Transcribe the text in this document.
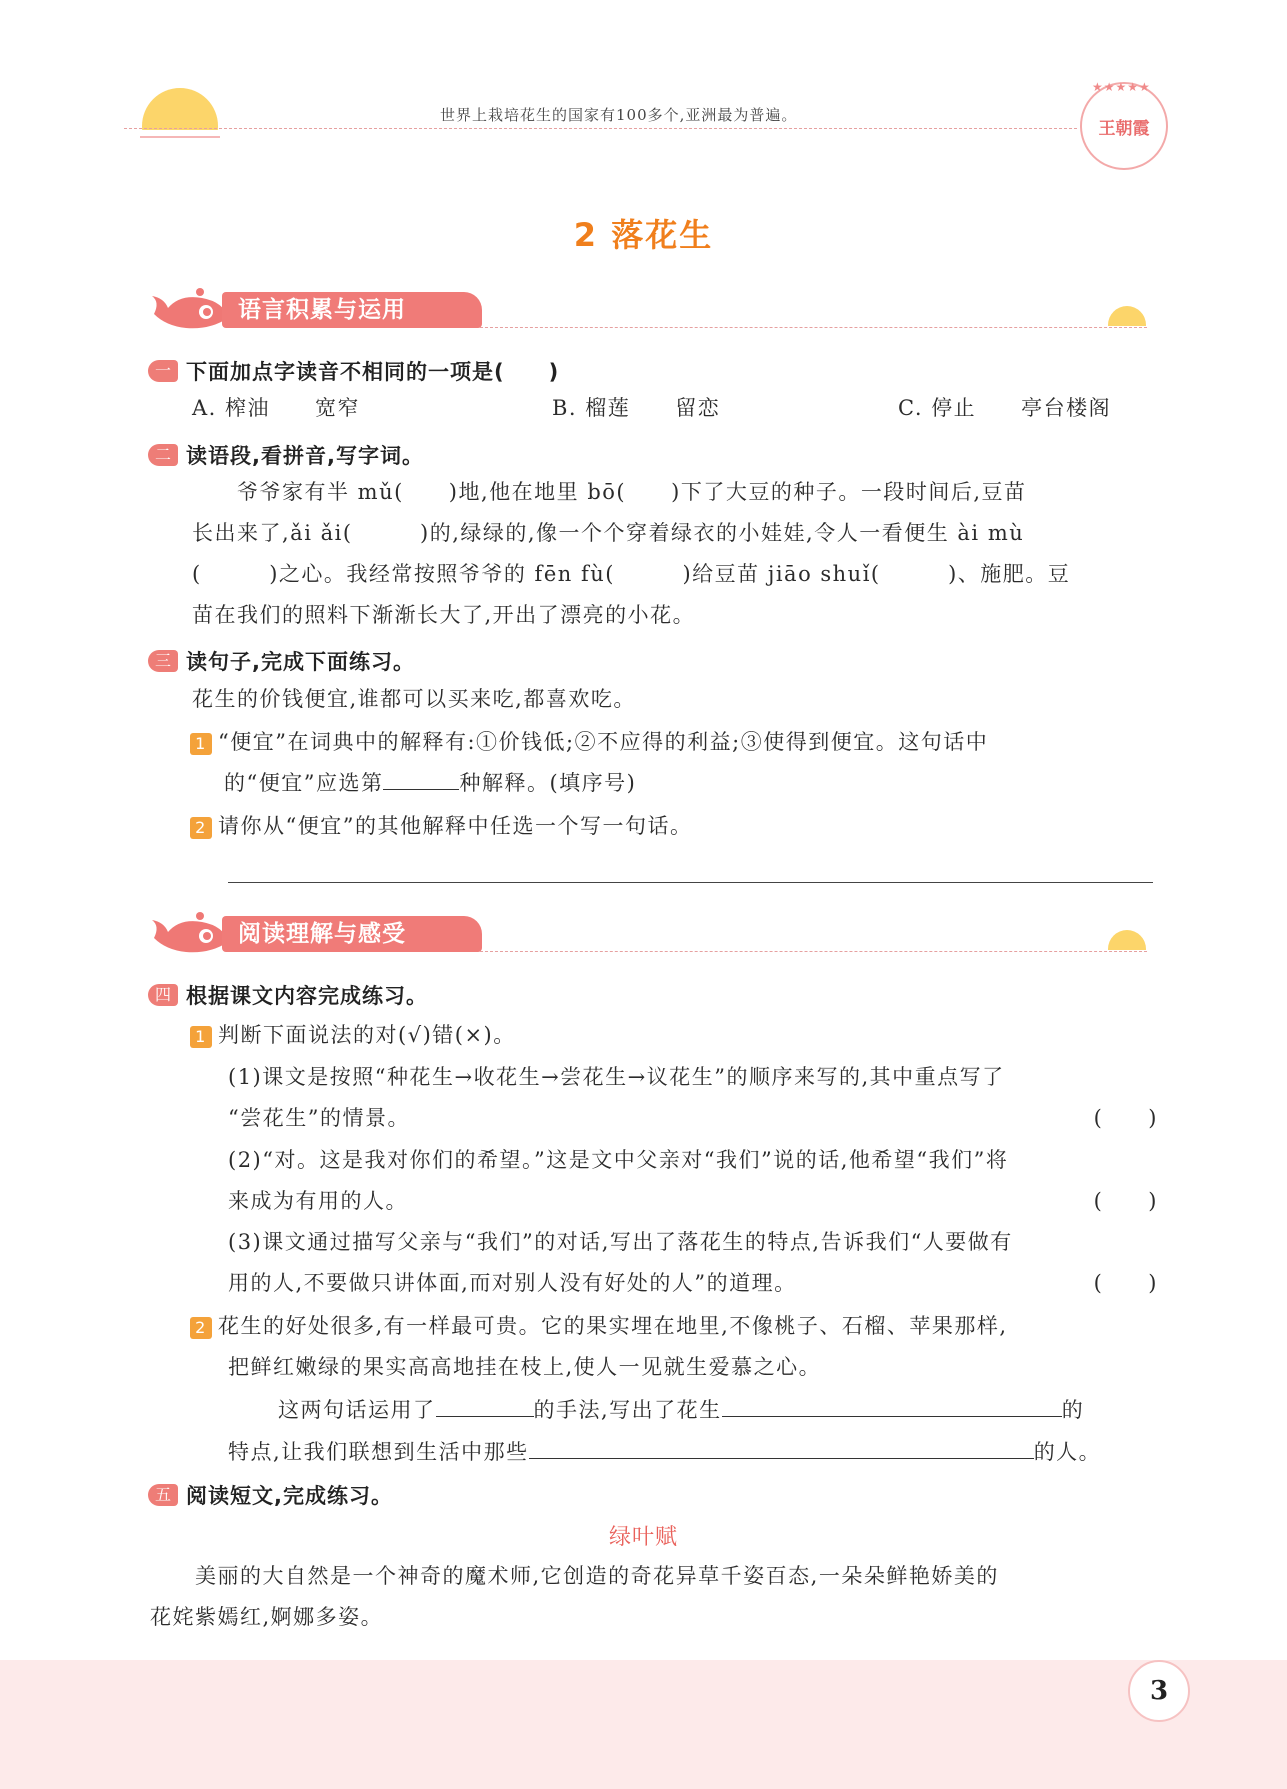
世界上栽培花生的国家有100多个,亚洲最为普遍。
★★★★★
王朝霞
2 落花生
语言积累与运用
一 下面加点字读音不相同的一项是(　　)
A. 榨油　　宽窄	B. 榴莲　　留恋	C. 停止　　亭台楼阁
二 读语段,看拼音,写字词。
　　爷爷家有半 mǔ(　　)地,他在地里 bō(　　)下了大豆的种子。一段时间后,豆苗
长出来了,ǎi ǎi(　　　)的,绿绿的,像一个个穿着绿衣的小娃娃,令人一看便生 ài mù
(　　　)之心。我经常按照爷爷的 fēn fù(　　　)给豆苗 jiāo shuǐ(　　　)、施肥。豆
苗在我们的照料下渐渐长大了,开出了漂亮的小花。
三 读句子,完成下面练习。
花生的价钱便宜,谁都可以买来吃,都喜欢吃。
1 “便宜”在词典中的解释有:①价钱低;②不应得的利益;③使得到便宜。这句话中
的“便宜”应选第	种解释。(填序号)
2 请你从“便宜”的其他解释中任选一个写一句话。
阅读理解与感受
四 根据课文内容完成练习。
1 判断下面说法的对(√)错(×)。
(1)课文是按照“种花生→收花生→尝花生→议花生”的顺序来写的,其中重点写了
“尝花生”的情景。	(　　)
(2)“对。这是我对你们的希望。”这是文中父亲对“我们”说的话,他希望“我们”将
来成为有用的人。	(　　)
(3)课文通过描写父亲与“我们”的对话,写出了落花生的特点,告诉我们“人要做有
用的人,不要做只讲体面,而对别人没有好处的人”的道理。	(　　)
2 花生的好处很多,有一样最可贵。它的果实埋在地里,不像桃子、石榴、苹果那样,
把鲜红嫩绿的果实高高地挂在枝上,使人一见就生爱慕之心。
这两句话运用了	的手法,写出了花生	的
特点,让我们联想到生活中那些	的人。
五 阅读短文,完成练习。
绿叶赋
　　美丽的大自然是一个神奇的魔术师,它创造的奇花异草千姿百态,一朵朵鲜艳娇美的
花姹紫嫣红,婀娜多姿。
3
